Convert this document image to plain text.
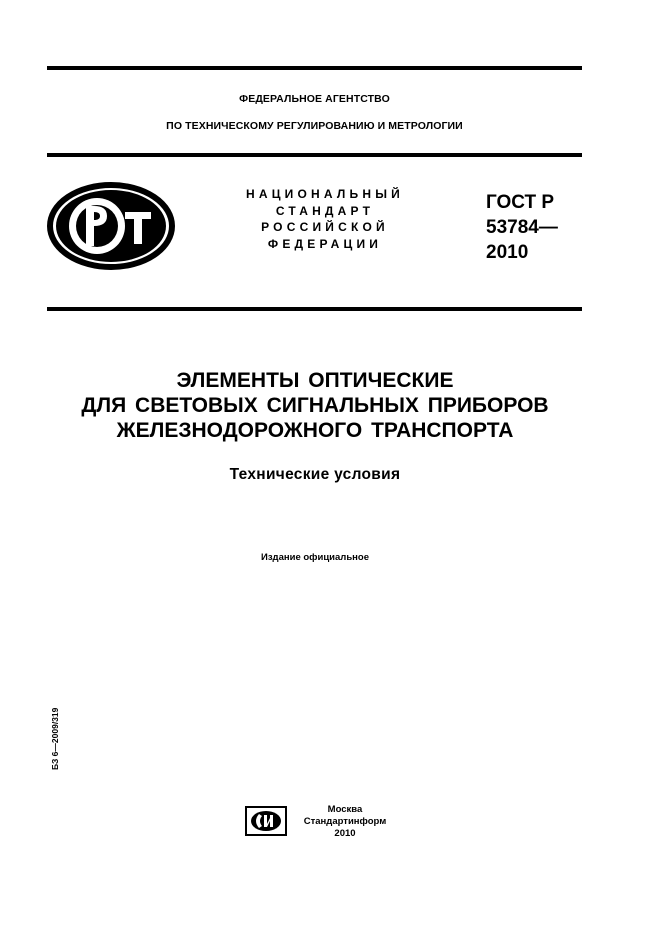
ФЕДЕРАЛЬНОЕ АГЕНТСТВО
ПО ТЕХНИЧЕСКОМУ РЕГУЛИРОВАНИЮ И МЕТРОЛОГИИ
НАЦИОНАЛЬНЫЙ
СТАНДАРТ
РОССИЙСКОЙ
ФЕДЕРАЦИИ
ГОСТ Р
53784—
2010
ЭЛЕМЕНТЫ ОПТИЧЕСКИЕ
ДЛЯ СВЕТОВЫХ СИГНАЛЬНЫХ ПРИБОРОВ
ЖЕЛЕЗНОДОРОЖНОГО ТРАНСПОРТА
Технические условия
Издание официальное
БЗ 6—2009/319
Москва
Стандартинформ
2010
